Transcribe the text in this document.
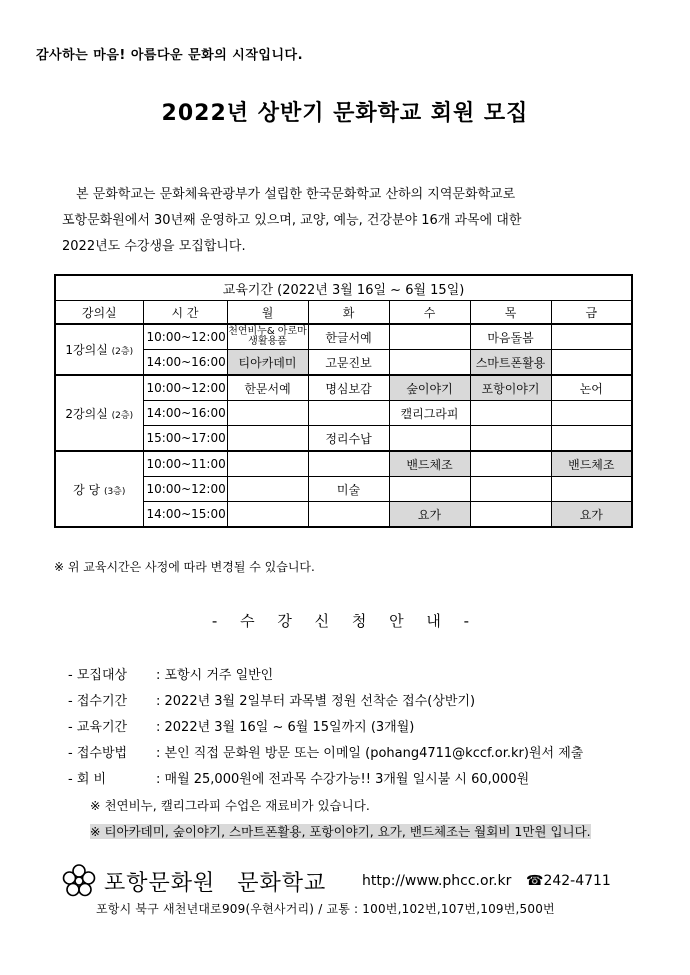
감사하는 마음! 아름다운 문화의 시작입니다.
2022년 상반기 문화학교 회원 모집
본 문화학교는 문화체육관광부가 설립한 한국문화학교 산하의 지역문화학교로
포항문화원에서 30년째 운영하고 있으며, 교양, 예능, 건강분야 16개 과목에 대한
2022년도 수강생을 모집합니다.
교육기간 (2022년 3월 16일 ~ 6월 15일)						
강의실	시 간	월	화	수	목	금
1강의실 (2층)	10:00~12:00	천연비누& 아로마생활용품	한글서예		마음돌봄	
	14:00~16:00	티아카데미	고문진보		스마트폰활용	
2강의실 (2층)	10:00~12:00	한문서예	명심보감	숲이야기	포항이야기	논어
	14:00~16:00			캘리그라피		
	15:00~17:00		정리수납			
강 당 (3층)	10:00~11:00			밴드체조		밴드체조
	10:00~12:00		미술			
	14:00~15:00			요가		요가
※ 위 교육시간은 사정에 따라 변경될 수 있습니다.
- 수 강 신 청 안 내 -
- 모집대상 : 포항시 거주 일반인
- 접수기간 : 2022년 3월 2일부터 과목별 정원 선착순 접수(상반기)
- 교육기간 : 2022년 3월 16일 ~ 6월 15일까지 (3개월)
- 접수방법 : 본인 직접 문화원 방문 또는 이메일 (pohang4711@kccf.or.kr)원서 제출
- 회 비	: 매월 25,000원에 전과목 수강가능!! 3개월 일시불 시 60,000원
※ 천연비누, 캘리그라피 수업은 재료비가 있습니다.
※ 티아카데미, 숲이야기, 스마트폰활용, 포항이야기, 요가, 밴드체조는 월회비 1만원 입니다.
포항문화원 문화학교	http://www.phcc.or.kr ☎242-4711
포항시 북구 새천년대로909(우현사거리) / 교통 : 100번,102번,107번,109번,500번
